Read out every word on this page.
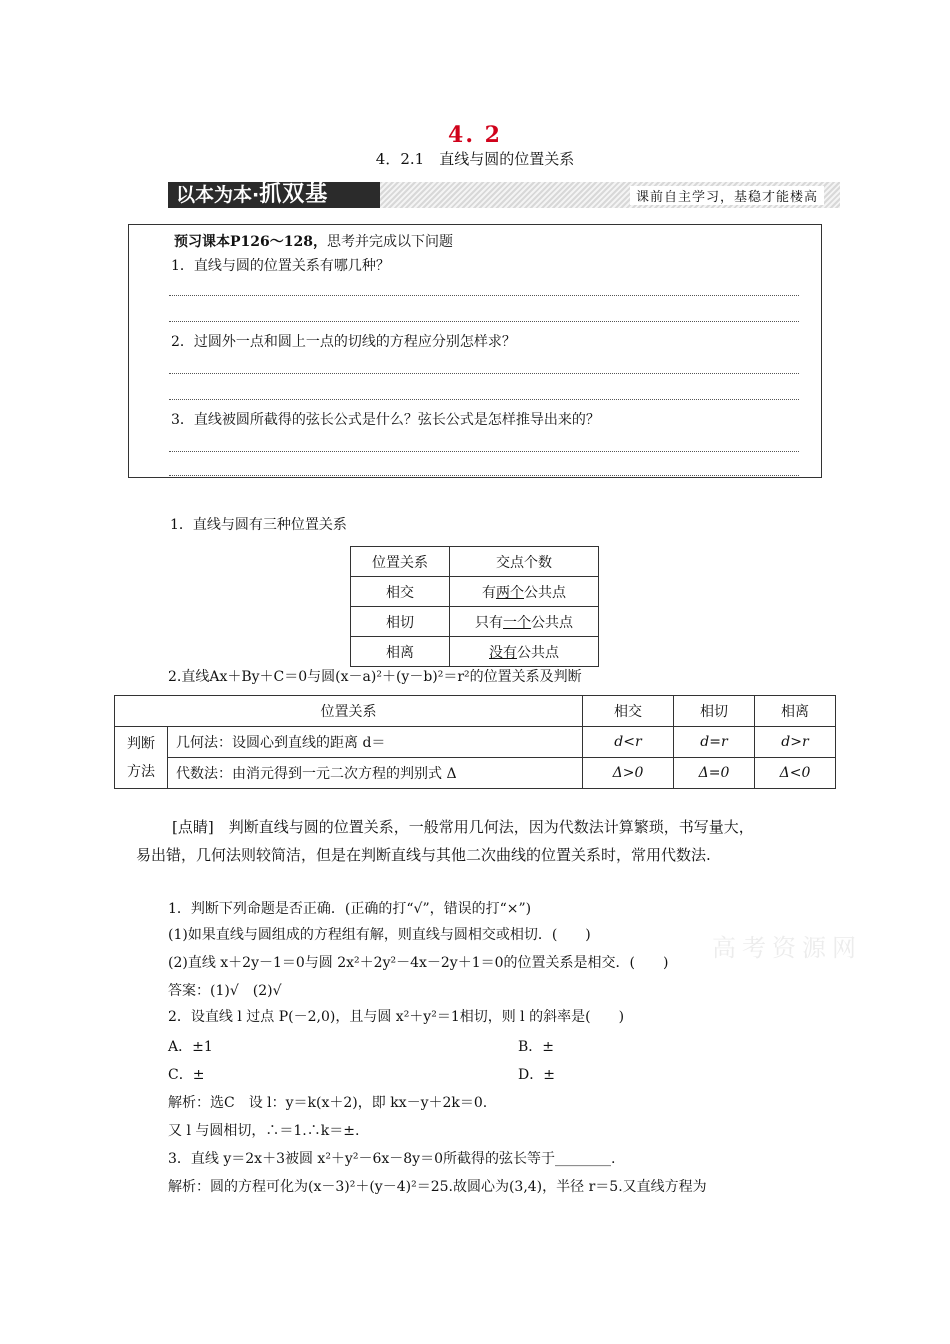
4. 2
4．2.1　直线与圆的位置关系
以本为本·抓双基	课前自主学习，基稳才能楼高
预习课本P126～128，思考并完成以下问题
1．直线与圆的位置关系有哪几种？
2．过圆外一点和圆上一点的切线的方程应分别怎样求？
3．直线被圆所截得的弦长公式是什么？弦长公式是怎样推导出来的？
1．直线与圆有三种位置关系
位置关系	交点个数
相交	有两个公共点
相切	只有一个公共点
相离	没有公共点
2.直线Ax＋By＋C＝0与圆(x－a)²＋(y－b)²＝r²的位置关系及判断
位置关系		相交	相切	相离

判断
方法	几何法：设圆心到直线的距离 d＝	d<r	d=r	d>r
	代数法：由消元得到一元二次方程的判别式 Δ	Δ>0	Δ=0	Δ<0
[点睛]　判断直线与圆的位置关系，一般常用几何法，因为代数法计算繁琐，书写量大，
易出错，几何法则较简洁，但是在判断直线与其他二次曲线的位置关系时，常用代数法.
1．判断下列命题是否正确．(正确的打“√”，错误的打“×”)
(1)如果直线与圆组成的方程组有解，则直线与圆相交或相切．(　　)
(2)直线 x＋2y－1＝0与圆 2x²＋2y²－4x－2y＋1＝0的位置关系是相交．(　　)
答案：(1)√　(2)√
2．设直线 l 过点 P(－2,0)，且与圆 x²＋y²＝1相切，则 l 的斜率是(　　)
A．±1	B．±
C．±	D．±
解析：选C　设 l：y＝k(x＋2)，即 kx－y＋2k＝0.
又 l 与圆相切，∴＝1.∴k＝±.
3．直线 y＝2x＋3被圆 x²＋y²－6x－8y＝0所截得的弦长等于________.
解析：圆的方程可化为(x－3)²＋(y－4)²＝25.故圆心为(3,4)，半径 r＝5.又直线方程为
高考资源网
